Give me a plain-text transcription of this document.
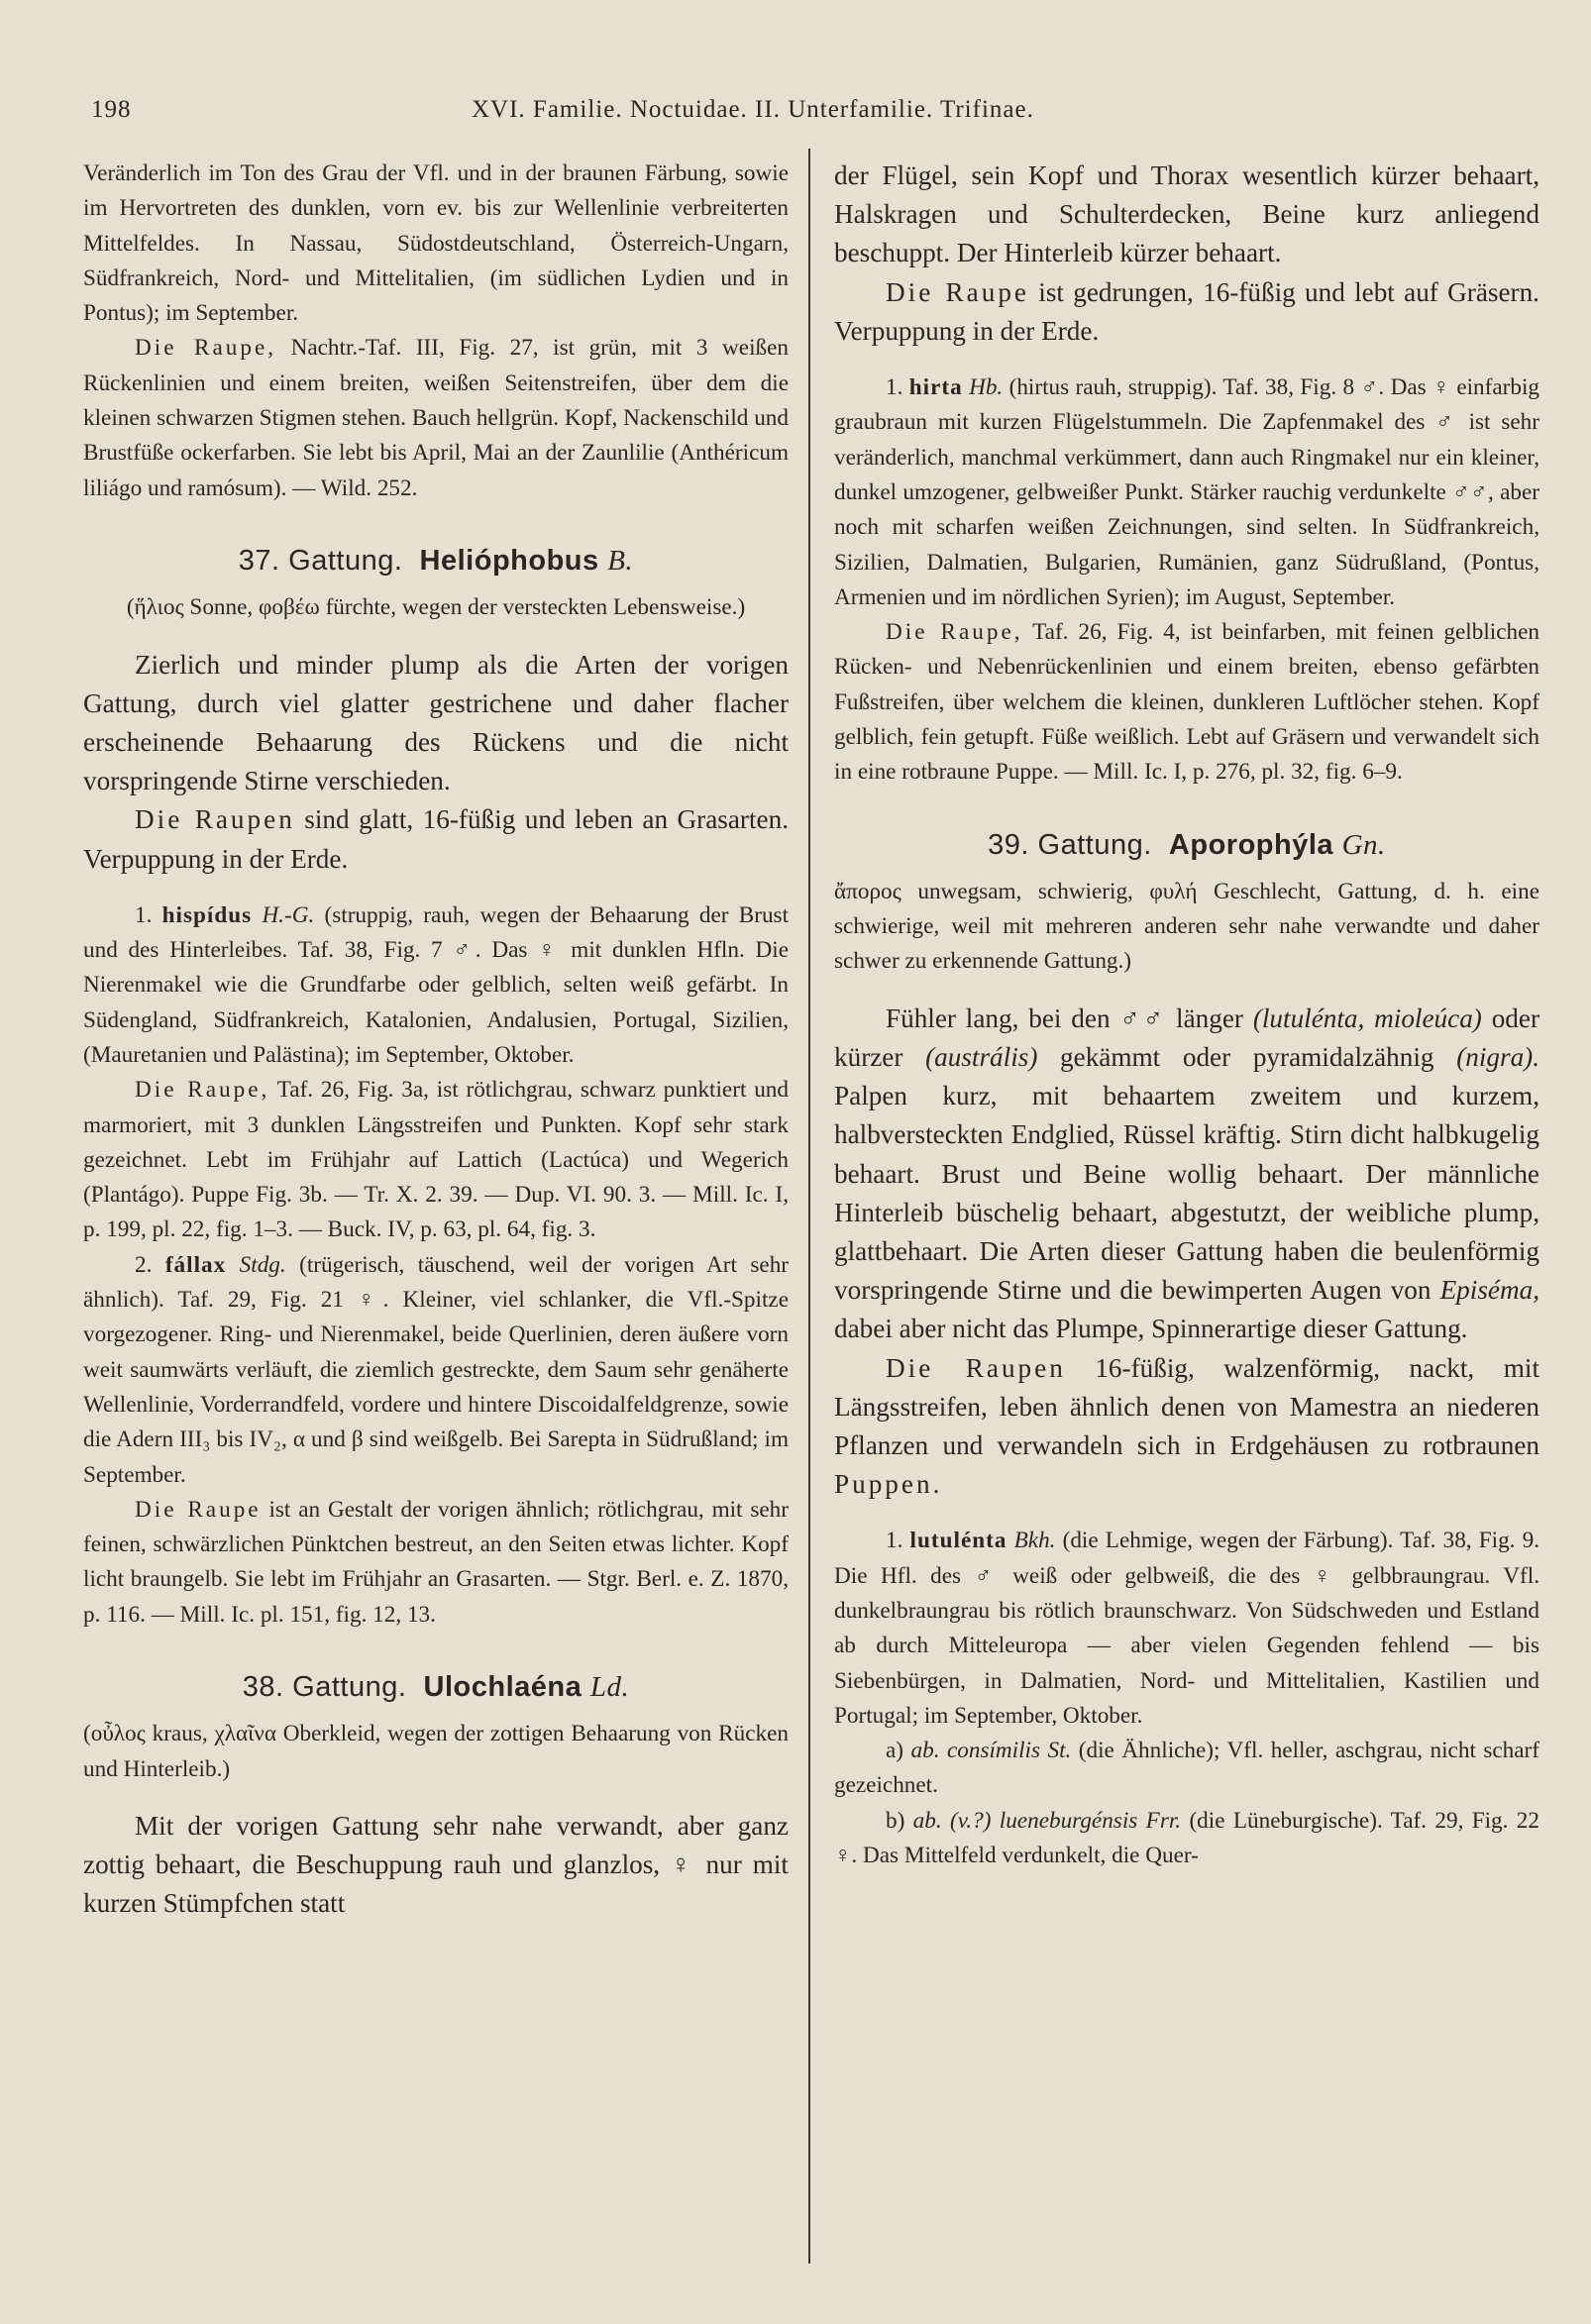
198	XVI. Familie. Noctuidae. II. Unterfamilie. Trifinae.

Veränderlich im Ton des Grau der Vfl. und in der braunen Färbung, sowie im Hervortreten des dunklen, vorn ev. bis zur Wellenlinie verbreiterten Mittelfeldes. In Nassau, Südostdeutschland, Österreich-Ungarn, Südfrankreich, Nord- und Mittelitalien, (im südlichen Lydien und in Pontus); im September.

Die Raupe, Nachtr.-Taf. III, Fig. 27, ist grün, mit 3 weißen Rückenlinien und einem breiten, weißen Seitenstreifen, über dem die kleinen schwarzen Stigmen stehen. Bauch hellgrün. Kopf, Nackenschild und Brustfüße ockerfarben. Sie lebt bis April, Mai an der Zaunlilie (Anthéricum liliágo und ramósum). — Wild. 252.

37. Gattung. Helióphobus B.

(ἥλιος Sonne, φοβέω fürchte, wegen der versteckten Lebensweise.)

Zierlich und minder plump als die Arten der vorigen Gattung, durch viel glatter gestrichene und daher flacher erscheinende Behaarung des Rückens und die nicht vorspringende Stirne verschieden.

Die Raupen sind glatt, 16-füßig und leben an Grasarten. Verpuppung in der Erde.

1. hispídus H.-G. (struppig, rauh, wegen der Behaarung der Brust und des Hinterleibes. Taf. 38, Fig. 7 ♂. Das ♀ mit dunklen Hfln. Die Nierenmakel wie die Grundfarbe oder gelblich, selten weiß gefärbt. In Südengland, Südfrankreich, Katalonien, Andalusien, Portugal, Sizilien, (Mauretanien und Palästina); im September, Oktober.

Die Raupe, Taf. 26, Fig. 3a, ist rötlichgrau, schwarz punktiert und marmoriert, mit 3 dunklen Längsstreifen und Punkten. Kopf sehr stark gezeichnet. Lebt im Frühjahr auf Lattich (Lactúca) und Wegerich (Plantágo). Puppe Fig. 3b. — Tr. X. 2. 39. — Dup. VI. 90. 3. — Mill. Ic. I, p. 199, pl. 22, fig. 1–3. — Buck. IV, p. 63, pl. 64, fig. 3.

2. fállax Stdg. (trügerisch, täuschend, weil der vorigen Art sehr ähnlich). Taf. 29, Fig. 21 ♀. Kleiner, viel schlanker, die Vfl.-Spitze vorgezogener. Ring- und Nierenmakel, beide Querlinien, deren äußere vorn weit saumwärts verläuft, die ziemlich gestreckte, dem Saum sehr genäherte Wellenlinie, Vorderrandfeld, vordere und hintere Discoidalfeldgrenze, sowie die Adern III₃ bis IV₂, α und β sind weißgelb. Bei Sarepta in Südrußland; im September.

Die Raupe ist an Gestalt der vorigen ähnlich; rötlichgrau, mit sehr feinen, schwärzlichen Pünktchen bestreut, an den Seiten etwas lichter. Kopf licht braungelb. Sie lebt im Frühjahr an Grasarten. — Stgr. Berl. e. Z. 1870, p. 116. — Mill. Ic. pl. 151, fig. 12, 13.

38. Gattung. Ulochlaéna Ld.

(οὖλος kraus, χλαῖνα Oberkleid, wegen der zottigen Behaarung von Rücken und Hinterleib.)

Mit der vorigen Gattung sehr nahe verwandt, aber ganz zottig behaart, die Beschuppung rauh und glanzlos, ♀ nur mit kurzen Stümpfchen statt

der Flügel, sein Kopf und Thorax wesentlich kürzer behaart, Halskragen und Schulterdecken, Beine kurz anliegend beschuppt. Der Hinterleib kürzer behaart.

Die Raupe ist gedrungen, 16-füßig und lebt auf Gräsern. Verpuppung in der Erde.

1. hirta Hb. (hirtus rauh, struppig). Taf. 38, Fig. 8 ♂. Das ♀ einfarbig graubraun mit kurzen Flügelstummeln. Die Zapfenmakel des ♂ ist sehr veränderlich, manchmal verkümmert, dann auch Ringmakel nur ein kleiner, dunkel umzogener, gelbweißer Punkt. Stärker rauchig verdunkelte ♂♂, aber noch mit scharfen weißen Zeichnungen, sind selten. In Südfrankreich, Sizilien, Dalmatien, Bulgarien, Rumänien, ganz Südrußland, (Pontus, Armenien und im nördlichen Syrien); im August, September.

Die Raupe, Taf. 26, Fig. 4, ist beinfarben, mit feinen gelblichen Rücken- und Nebenrückenlinien und einem breiten, ebenso gefärbten Fußstreifen, über welchem die kleinen, dunkleren Luftlöcher stehen. Kopf gelblich, fein getupft. Füße weißlich. Lebt auf Gräsern und verwandelt sich in eine rotbraune Puppe. — Mill. Ic. I, p. 276, pl. 32, fig. 6–9.

39. Gattung. Aporophýla Gn.

ἄπορος unwegsam, schwierig, φυλή Geschlecht, Gattung, d. h. eine schwierige, weil mit mehreren anderen sehr nahe verwandte und daher schwer zu erkennende Gattung.)

Fühler lang, bei den ♂♂ länger (lutulénta, mioleúca) oder kürzer (austrális) gekämmt oder pyramidalzähnig (nigra). Palpen kurz, mit behaartem zweitem und kurzem, halbversteckten Endglied, Rüssel kräftig. Stirn dicht halbkugelig behaart. Brust und Beine wollig behaart. Der männliche Hinterleib büschelig behaart, abgestutzt, der weibliche plump, glattbehaart. Die Arten dieser Gattung haben die beulenförmig vorspringende Stirne und die bewimperten Augen von Episéma, dabei aber nicht das Plumpe, Spinnerartige dieser Gattung.

Die Raupen 16-füßig, walzenförmig, nackt, mit Längsstreifen, leben ähnlich denen von Mamestra an niederen Pflanzen und verwandeln sich in Erdgehäusen zu rotbraunen Puppen.

1. lutulénta Bkh. (die Lehmige, wegen der Färbung). Taf. 38, Fig. 9. Die Hfl. des ♂ weiß oder gelbweiß, die des ♀ gelbbraungrau. Vfl. dunkelbraungrau bis rötlich braunschwarz. Von Südschweden und Estland ab durch Mitteleuropa — aber vielen Gegenden fehlend — bis Siebenbürgen, in Dalmatien, Nord- und Mittelitalien, Kastilien und Portugal; im September, Oktober.

a) ab. consímilis St. (die Ähnliche); Vfl. heller, aschgrau, nicht scharf gezeichnet.

b) ab. (v.?) lueneburgénsis Frr. (die Lüneburgische). Taf. 29, Fig. 22 ♀. Das Mittelfeld verdunkelt, die Quer-
